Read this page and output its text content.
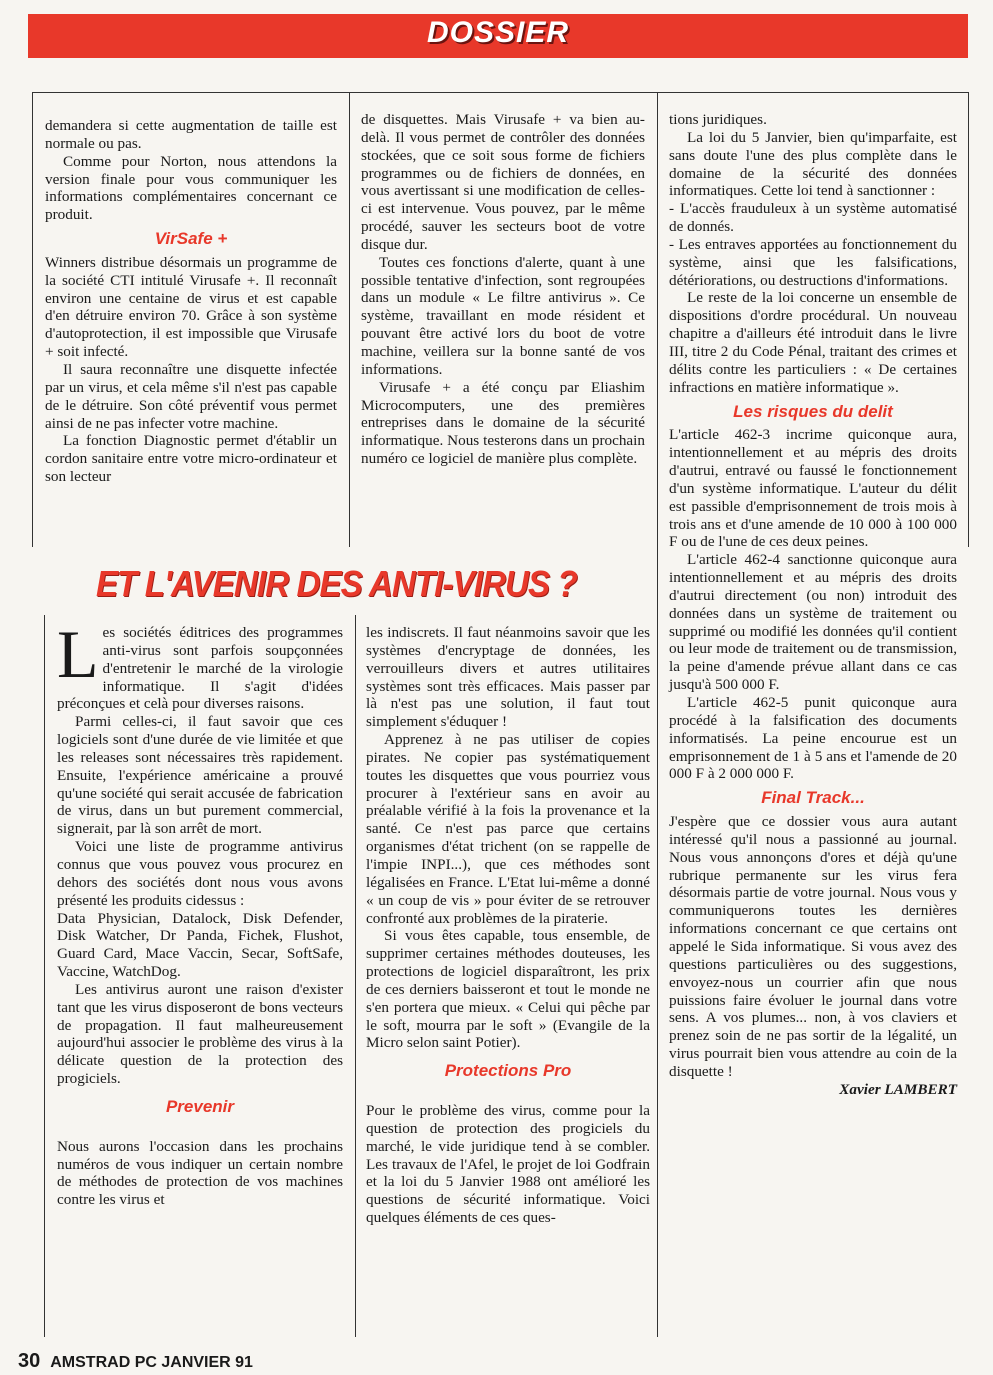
DOSSIER

demandera si cette augmentation de taille est normale ou pas.

Comme pour Norton, nous attendons la version finale pour vous communiquer les informations complémentaires concernant ce produit.

VirSafe +

Winners distribue désormais un programme de la société CTI intitulé Virusafe +. Il reconnaît environ une centaine de virus et est capable d'en détruire environ 70. Grâce à son système d'autoprotection, il est impossible que Virusafe + soit infecté.

Il saura reconnaître une disquette infectée par un virus, et cela même s'il n'est pas capable de le détruire. Son côté préventif vous permet ainsi de ne pas infecter votre machine.

La fonction Diagnostic permet d'établir un cordon sanitaire entre votre micro-ordinateur et son lecteur

de disquettes. Mais Virusafe + va bien au-delà. Il vous permet de contrôler des données stockées, que ce soit sous forme de fichiers programmes ou de fichiers de données, en vous avertissant si une modification de celles-ci est intervenue. Vous pouvez, par le même procédé, sauver les secteurs boot de votre disque dur.

Toutes ces fonctions d'alerte, quant à une possible tentative d'infection, sont regroupées dans un module « Le filtre antivirus ». Ce système, travaillant en mode résident et pouvant être activé lors du boot de votre machine, veillera sur la bonne santé de vos informations.

Virusafe + a été conçu par Eliashim Microcomputers, une des premières entreprises dans le domaine de la sécurité informatique. Nous testerons dans un prochain numéro ce logiciel de manière plus complète.

tions juridiques.

La loi du 5 Janvier, bien qu'imparfaite, est sans doute l'une des plus complète dans le domaine de la sécurité des données informatiques. Cette loi tend à sanctionner :

- L'accès frauduleux à un système automatisé de donnés.

- Les entraves apportées au fonctionnement du système, ainsi que les falsifications, détériorations, ou destructions d'informations.

Le reste de la loi concerne un ensemble de dispositions d'ordre procédural. Un nouveau chapitre a d'ailleurs été introduit dans le livre III, titre 2 du Code Pénal, traitant des crimes et délits contre les particuliers : « De certaines infractions en matière informatique ».

Les risques du delit

L'article 462-3 incrime quiconque aura, intentionnellement et au mépris des droits d'autrui, entravé ou faussé le fonctionnement d'un système informatique. L'auteur du délit est passible d'emprisonnement de trois mois à trois ans et d'une amende de 10 000 à 100 000 F ou de l'une de ces deux peines.

L'article 462-4 sanctionne quiconque aura intentionnellement et au mépris des droits d'autrui directement (ou non) introduit des données dans un système de traitement ou supprimé ou modifié les données qu'il contient ou leur mode de traitement ou de transmission, la peine d'amende prévue allant dans ce cas jusqu'à 500 000 F.

L'article 462-5 punit quiconque aura procédé à la falsification des documents informatisés. La peine encourue est un emprisonnement de 1 à 5 ans et l'amende de 20 000 F à 2 000 000 F.

Final Track...

J'espère que ce dossier vous aura autant intéressé qu'il nous a passionné au journal. Nous vous annonçons d'ores et déjà qu'une rubrique permanente sur les virus fera désormais partie de votre journal. Nous vous y communiquerons toutes les dernières informations concernant ce que certains ont appelé le Sida informatique. Si vous avez des questions particulières ou des suggestions, envoyez-nous un courrier afin que nous puissions faire évoluer le journal dans votre sens. A vos plumes... non, à vos claviers et prenez soin de ne pas sortir de la légalité, un virus pourrait bien vous attendre au coin de la disquette !

Xavier LAMBERT

ET L'AVENIR DES ANTI-VIRUS ?

Les sociétés éditrices des programmes anti-virus sont parfois soupçonnées d'entretenir le marché de la virologie informatique. Il s'agit d'idées préconçues et celà pour diverses raisons.

Parmi celles-ci, il faut savoir que ces logiciels sont d'une durée de vie limitée et que les releases sont nécessaires très rapidement. Ensuite, l'expérience américaine a prouvé qu'une société qui serait accusée de fabrication de virus, dans un but purement commercial, signerait, par là son arrêt de mort.

Voici une liste de programme antivirus connus que vous pouvez vous procurez en dehors des sociétés dont nous vous avons présenté les produits cidessus :

Data Physician, Datalock, Disk Defender, Disk Watcher, Dr Panda, Fichek, Flushot, Guard Card, Mace Vaccin, Secar, SoftSafe, Vaccine, WatchDog.

Les antivirus auront une raison d'exister tant que les virus disposeront de bons vecteurs de propagation. Il faut malheureusement aujourd'hui associer le problème des virus à la délicate question de la protection des progiciels.

Prevenir

Nous aurons l'occasion dans les prochains numéros de vous indiquer un certain nombre de méthodes de protection de vos machines contre les virus et

les indiscrets. Il faut néanmoins savoir que les systèmes d'encryptage de données, les verrouilleurs divers et autres utilitaires systèmes sont très efficaces. Mais passer par là n'est pas une solution, il faut tout simplement s'éduquer !

Apprenez à ne pas utiliser de copies pirates. Ne copier pas systématiquement toutes les disquettes que vous pourriez vous procurer à l'extérieur sans en avoir au préalable vérifié à la fois la provenance et la santé. Ce n'est pas parce que certains organismes d'état trichent (on se rappelle de l'impie INPI...), que ces méthodes sont légalisées en France. L'Etat lui-même a donné « un coup de vis » pour éviter de se retrouver confronté aux problèmes de la piraterie.

Si vous êtes capable, tous ensemble, de supprimer certaines méthodes douteuses, les protections de logiciel disparaîtront, les prix de ces derniers baisseront et tout le monde ne s'en portera que mieux. « Celui qui pêche par le soft, mourra par le soft » (Evangile de la Micro selon saint Potier).

Protections Pro

Pour le problème des virus, comme pour la question de protection des progiciels du marché, le vide juridique tend à se combler. Les travaux de l'Afel, le projet de loi Godfrain et la loi du 5 Janvier 1988 ont amélioré les questions de sécurité informatique. Voici quelques éléments de ces ques-

30 AMSTRAD PC JANVIER 91
